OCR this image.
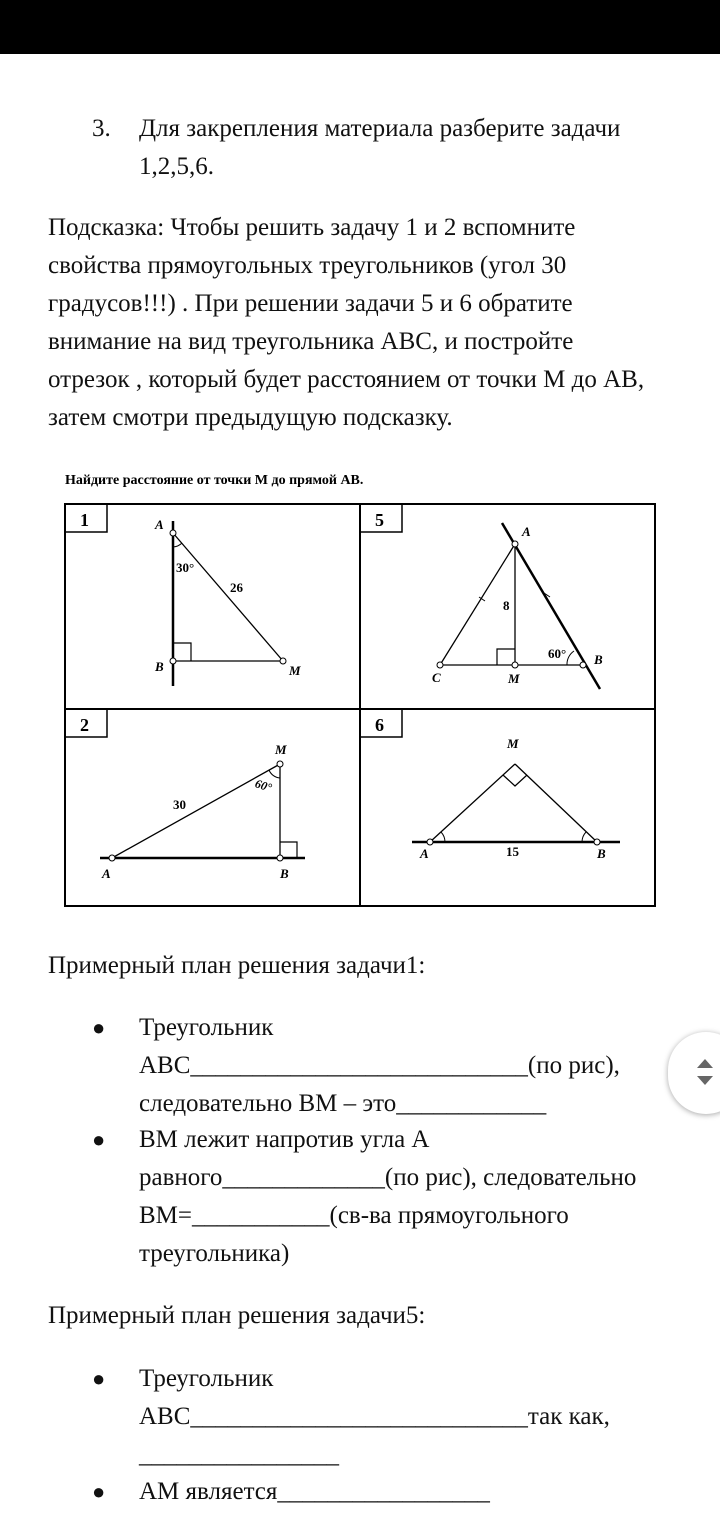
3. Для закрепления материала разберите задачи 1,2,5,6.

Подсказка: Чтобы решить задачу 1 и 2 вспомните свойства прямоугольных треугольников (угол 30 градусов!!!) . При решении задачи 5 и 6 обратите внимание на вид треугольника АВС, и постройте отрезок , который будет расстоянием от точки М до АВ, затем смотри предыдущую подсказку.

Найдите расстояние от точки M до прямой AB.
1	5
2	6
A
B	M
30°
26
A
B
C	M
8
60°
A	B
M
30
60°
A	B
M
15

Примерный план решения задачи1:

● Треугольник АВС___________________________(по рис), следовательно ВМ – это____________
● ВМ лежит напротив угла А равного_____________(по рис), следовательно ВМ=___________(св-ва прямоугольного треугольника)

Примерный план решения задачи5:

● Треугольник АВС___________________________так как, ________________
● АМ является_________________
